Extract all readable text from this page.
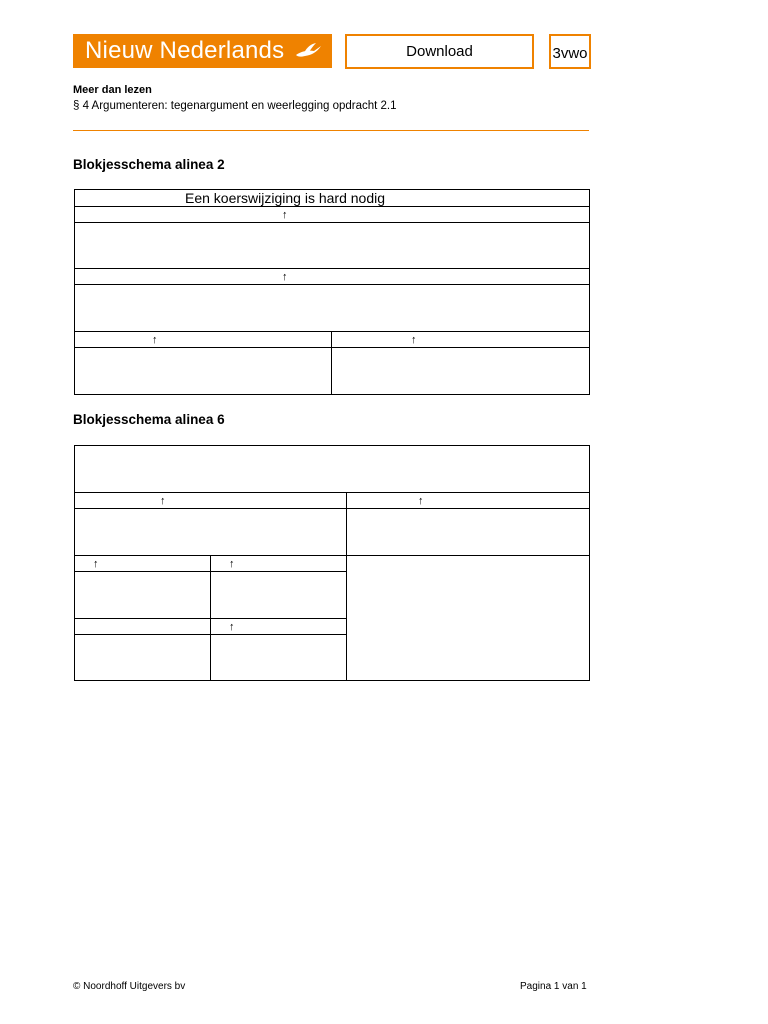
Nieuw Nederlands	Download	3vwo
Meer dan lezen
§ 4 Argumenteren: tegenargument en weerlegging opdracht 2.1
Blokjesschema alinea 2
Een koerswijziging is hard nodig
↑
↑
↑	↑
Blokjesschema alinea 6
↑	↑
↑	↑
↑
© Noordhoff Uitgevers bv	Pagina 1 van 1
